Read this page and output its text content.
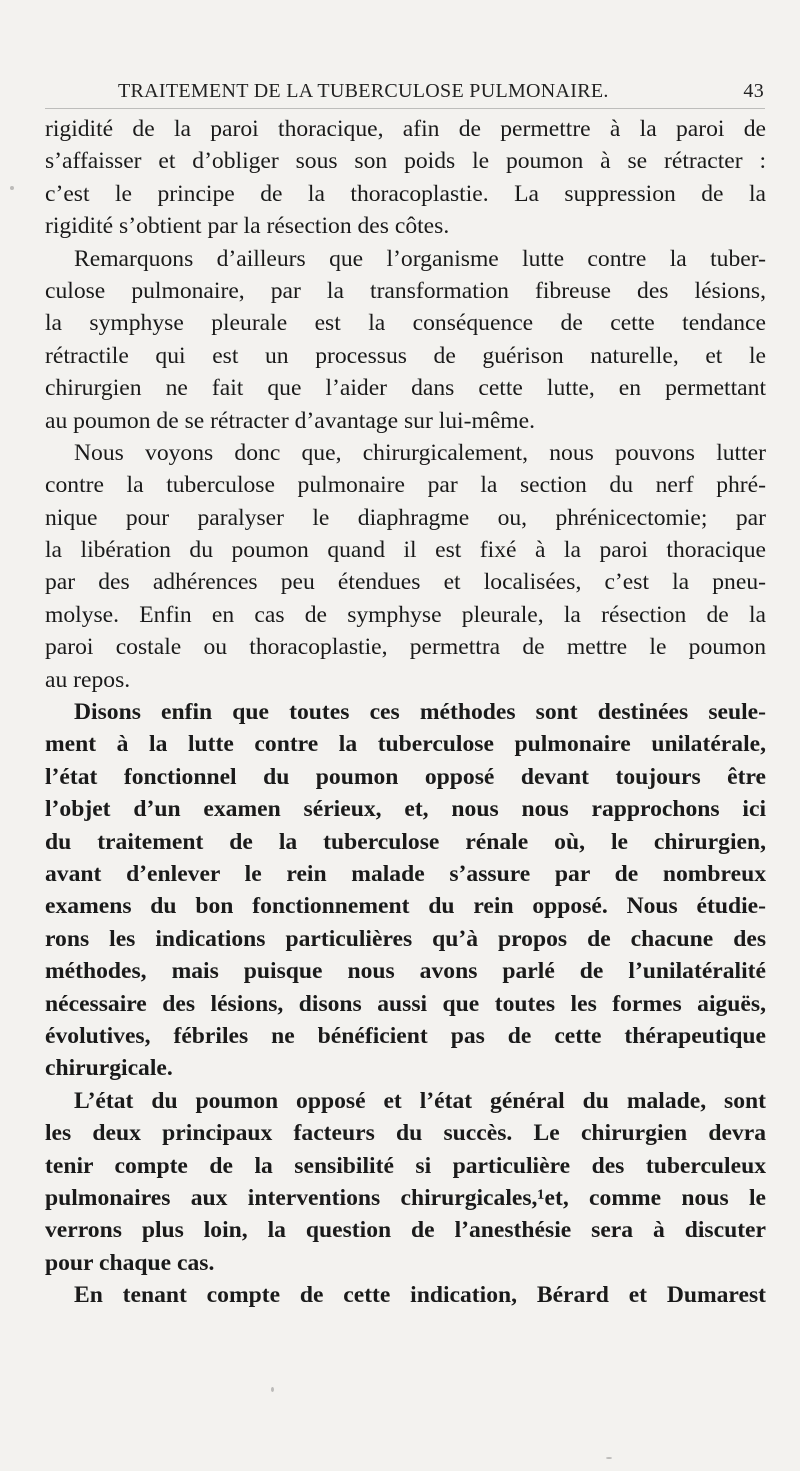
TRAITEMENT DE LA TUBERCULOSE PULMONAIRE.	43
rigidité de la paroi thoracique, afin de permettre à la paroi de
s’affaisser et d’obliger sous son poids le poumon à se rétracter :
c’est le principe de la thoracoplastie. La suppression de la
rigidité s’obtient par la résection des côtes.
Remarquons d’ailleurs que l’organisme lutte contre la tuber-
culose pulmonaire, par la transformation fibreuse des lésions,
la symphyse pleurale est la conséquence de cette tendance
rétractile qui est un processus de guérison naturelle, et le
chirurgien ne fait que l’aider dans cette lutte, en permettant
au poumon de se rétracter d’avantage sur lui-même.
Nous voyons donc que, chirurgicalement, nous pouvons lutter
contre la tuberculose pulmonaire par la section du nerf phré-
nique pour paralyser le diaphragme ou, phrénicectomie; par
la libération du poumon quand il est fixé à la paroi thoracique
par des adhérences peu étendues et localisées, c’est la pneu-
molyse. Enfin en cas de symphyse pleurale, la résection de la
paroi costale ou thoracoplastie, permettra de mettre le poumon
au repos.
Disons enfin que toutes ces méthodes sont destinées seule-
ment à la lutte contre la tuberculose pulmonaire unilatérale,
l’état fonctionnel du poumon opposé devant toujours être
l’objet d’un examen sérieux, et, nous nous rapprochons ici
du traitement de la tuberculose rénale où, le chirurgien,
avant d’enlever le rein malade s’assure par de nombreux
examens du bon fonctionnement du rein opposé. Nous étudie-
rons les indications particulières qu’à propos de chacune des
méthodes, mais puisque nous avons parlé de l’unilatéralité
nécessaire des lésions, disons aussi que toutes les formes aiguës,
évolutives, fébriles ne bénéficient pas de cette thérapeutique
chirurgicale.
L’état du poumon opposé et l’état général du malade, sont
les deux principaux facteurs du succès. Le chirurgien devra
tenir compte de la sensibilité si particulière des tuberculeux
pulmonaires aux interventions chirurgicales,¹et, comme nous le
verrons plus loin, la question de l’anesthésie sera à discuter
pour chaque cas.
En tenant compte de cette indication, Bérard et Dumarest
